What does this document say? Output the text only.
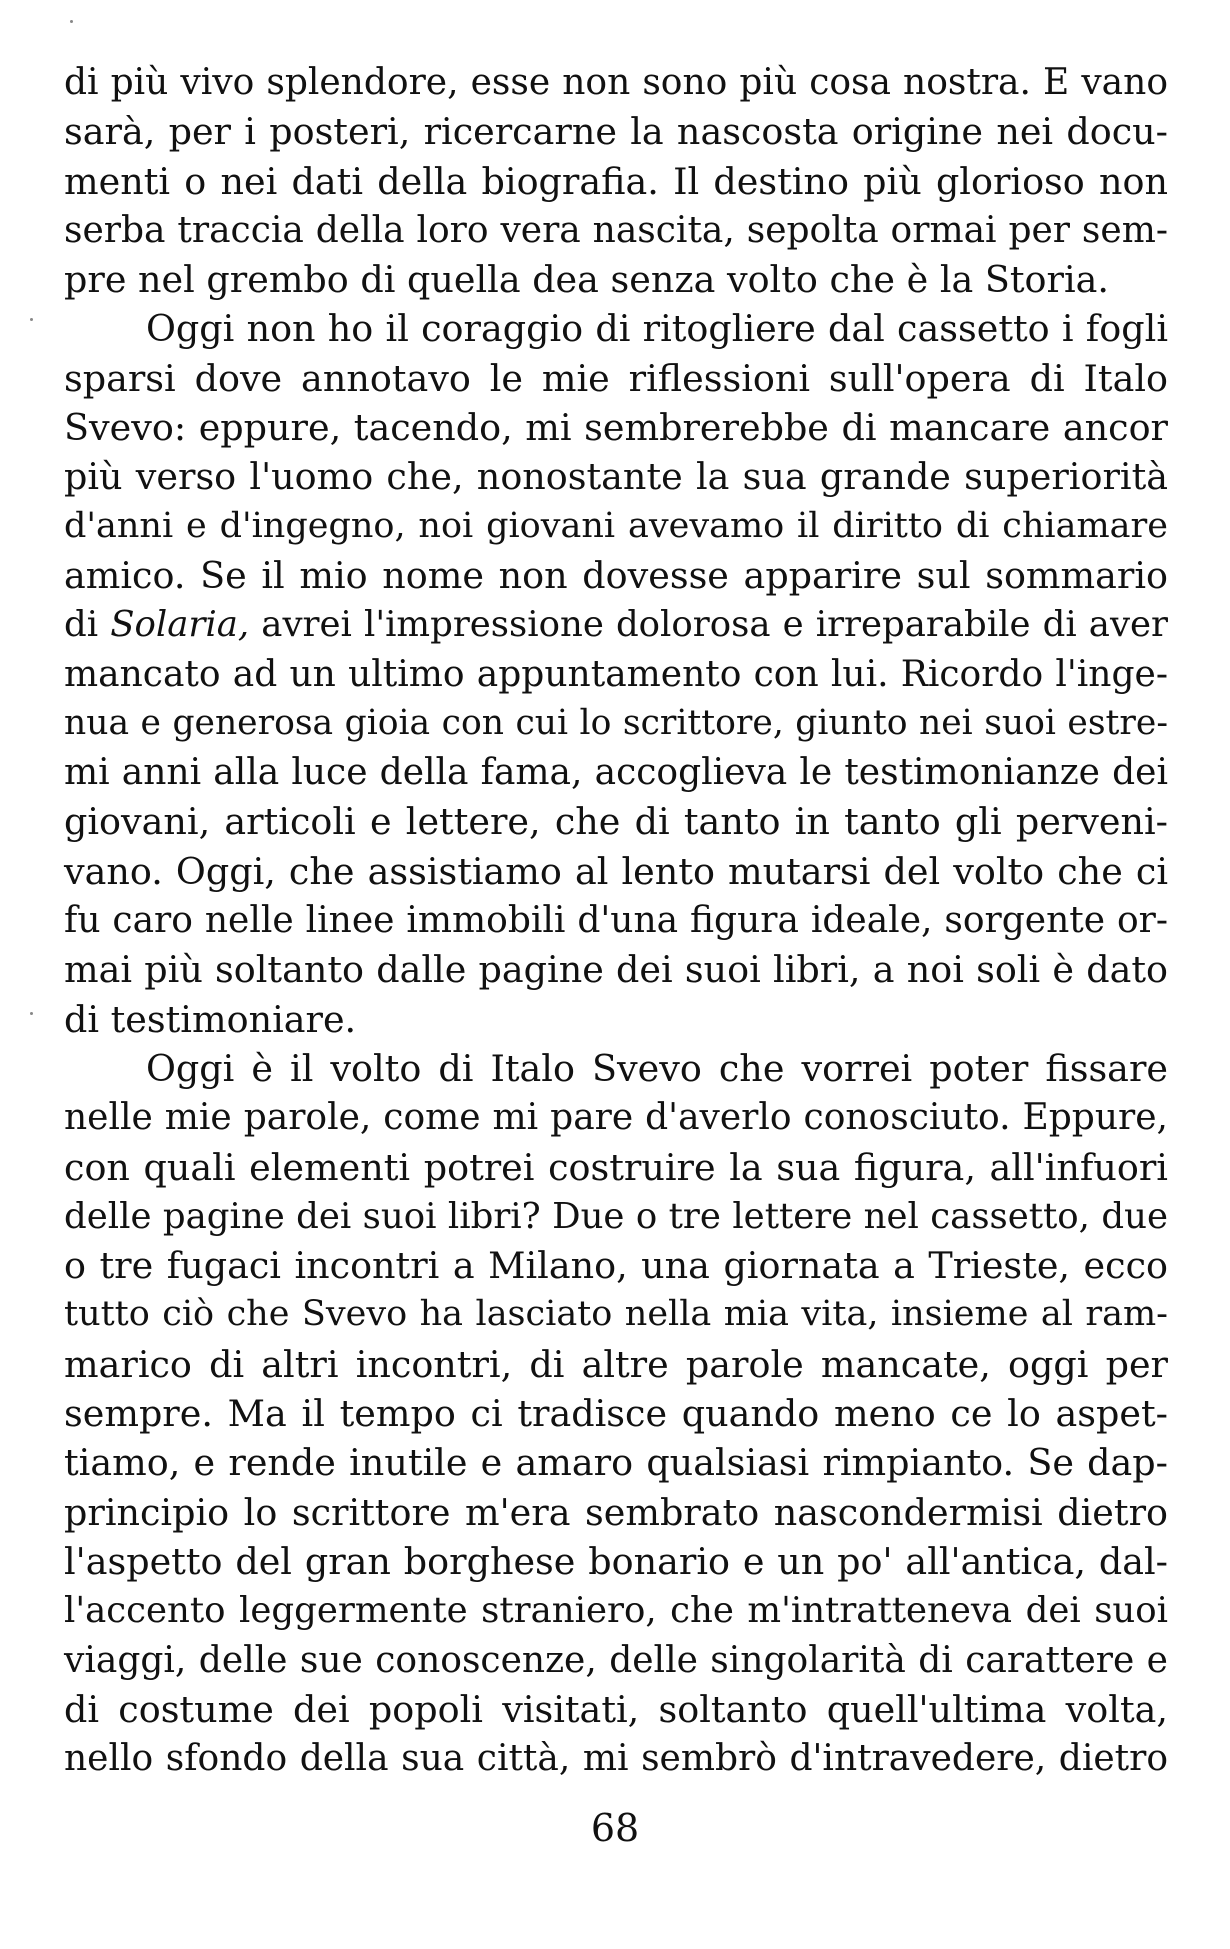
di più vivo splendore, esse non sono più cosa nostra. E vano
sarà, per i posteri, ricercarne la nascosta origine nei docu-
menti o nei dati della biografia. Il destino più glorioso non
serba traccia della loro vera nascita, sepolta ormai per sem-
pre nel grembo di quella dea senza volto che è la Storia.
Oggi non ho il coraggio di ritogliere dal cassetto i fogli
sparsi dove annotavo le mie riflessioni sull'opera di Italo
Svevo: eppure, tacendo, mi sembrerebbe di mancare ancor
più verso l'uomo che, nonostante la sua grande superiorità
d'anni e d'ingegno, noi giovani avevamo il diritto di chiamare
amico. Se il mio nome non dovesse apparire sul sommario
di Solaria, avrei l'impressione dolorosa e irreparabile di aver
mancato ad un ultimo appuntamento con lui. Ricordo l'inge-
nua e generosa gioia con cui lo scrittore, giunto nei suoi estre-
mi anni alla luce della fama, accoglieva le testimonianze dei
giovani, articoli e lettere, che di tanto in tanto gli perveni-
vano. Oggi, che assistiamo al lento mutarsi del volto che ci
fu caro nelle linee immobili d'una figura ideale, sorgente or-
mai più soltanto dalle pagine dei suoi libri, a noi soli è dato
di testimoniare.
Oggi è il volto di Italo Svevo che vorrei poter fissare
nelle mie parole, come mi pare d'averlo conosciuto. Eppure,
con quali elementi potrei costruire la sua figura, all'infuori
delle pagine dei suoi libri? Due o tre lettere nel cassetto, due
o tre fugaci incontri a Milano, una giornata a Trieste, ecco
tutto ciò che Svevo ha lasciato nella mia vita, insieme al ram-
marico di altri incontri, di altre parole mancate, oggi per
sempre. Ma il tempo ci tradisce quando meno ce lo aspet-
tiamo, e rende inutile e amaro qualsiasi rimpianto. Se dap-
principio lo scrittore m'era sembrato nascondermisi dietro
l'aspetto del gran borghese bonario e un po' all'antica, dal-
l'accento leggermente straniero, che m'intratteneva dei suoi
viaggi, delle sue conoscenze, delle singolarità di carattere e
di costume dei popoli visitati, soltanto quell'ultima volta,
nello sfondo della sua città, mi sembrò d'intravedere, dietro
68
